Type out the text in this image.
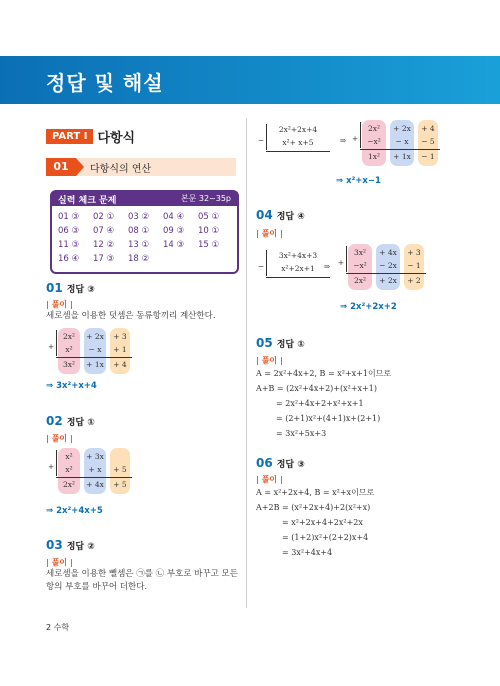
정답 및 해설
PART Ⅰ 다항식
01	다항식의 연산
실력 체크 문제	본문 32~35p
01 ③ 02 ① 03 ② 04 ④ 05 ①
06 ③ 07 ④ 08 ① 09 ③ 10 ①
11 ③ 12 ② 13 ① 14 ③ 15 ①
16 ④ 17 ③ 18 ②
01 정답 ③
| 풀이 |
세로셈을 이용한 덧셈은 동류항끼리 계산한다.
+
2x²	+ 2x	+ 3
x²	− x	+ 1
3x²	+ 1x	+ 4
⇒ 3x²+x+4
02 정답 ①
| 풀이 |
+
x²	+ 3x
x²	+ x	+ 5
2x²	+ 4x	+ 5
⇒ 2x²+4x+5
03 정답 ②
| 풀이 |
세로셈을 이용한 뺄셈은 ㉠를 ㉡ 부호로 바꾸고 모든 항의 부호를 바꾸어 더한다.
−
2x²+2x+4
x²+ x+5	⇒ +
2x²	+ 2x	+ 4
−x²	− x	− 5
1x²	+ 1x	− 1
⇒ x²+x−1
04 정답 ④
| 풀이 |
−
3x²+4x+3
x²+2x+1	⇒	+
3x²	+ 4x	+ 3
−x²	− 2x	− 1
2x²	+ 2x	+ 2
⇒ 2x²+2x+2
05 정답 ①
| 풀이 |
A = 2x²+4x+2, B = x²+x+1이므로
A+B = (2x²+4x+2)+(x²+x+1)
= 2x²+4x+2+x²+x+1
= (2+1)x²+(4+1)x+(2+1)
= 3x²+5x+3
06 정답 ③
| 풀이 |
A = x²+2x+4, B = x²+x이므로
A+2B = (x²+2x+4)+2(x²+x)
= x²+2x+4+2x²+2x
= (1+2)x²+(2+2)x+4
= 3x²+4x+4
2 수학
